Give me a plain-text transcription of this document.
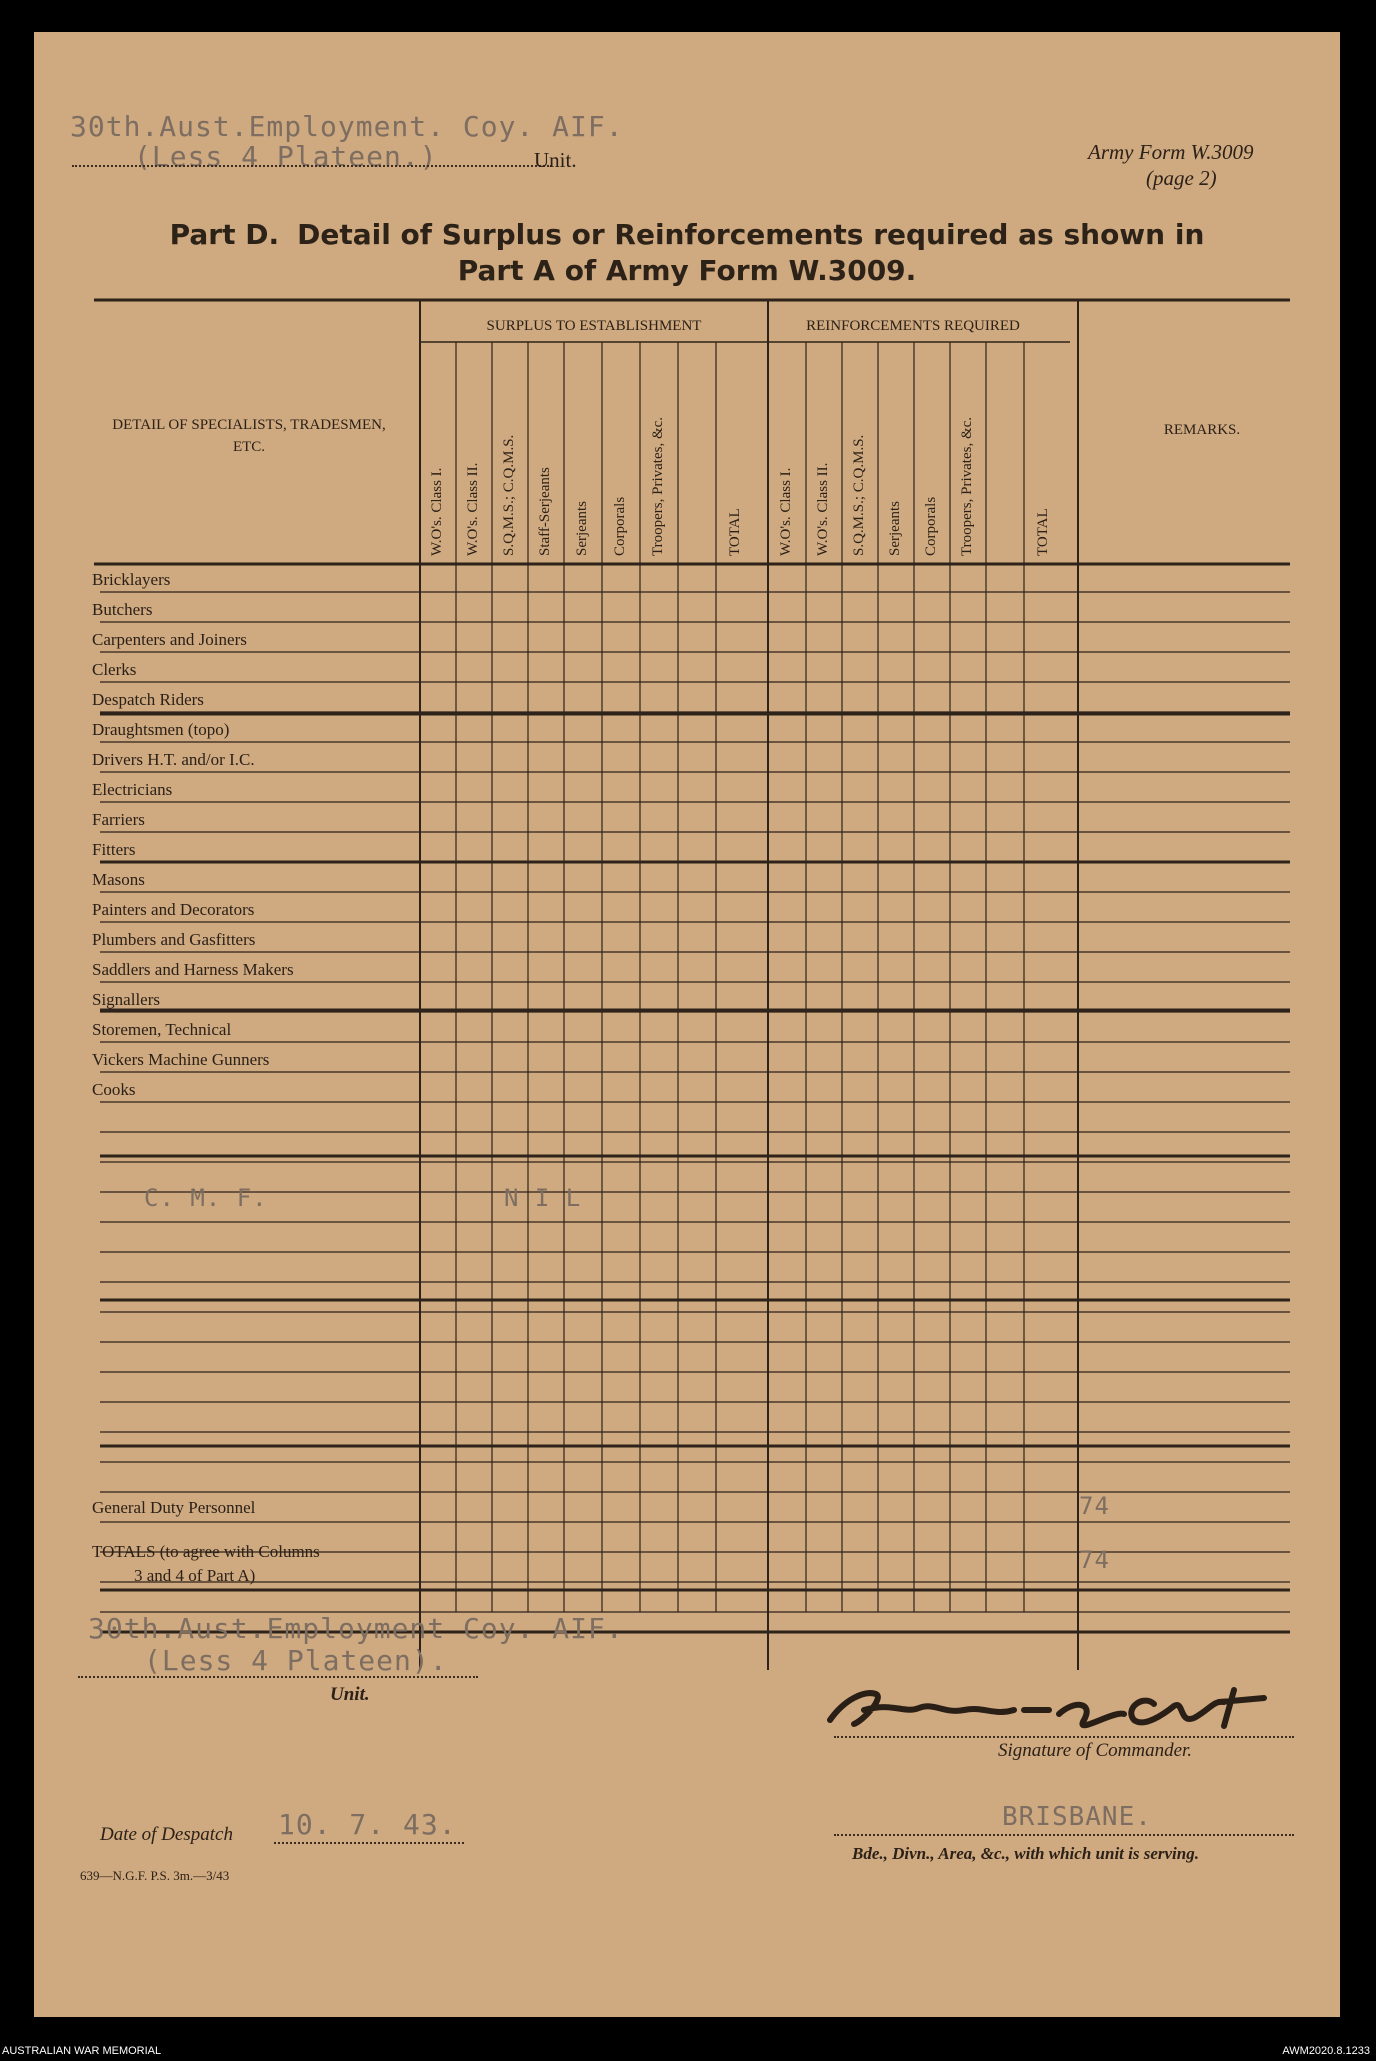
30th.Aust.Employment. Coy. AIF.
(Less 4 Plateen.)	Unit.	Army Form W.3009
(page 2)
Part D. Detail of Surplus or Reinforcements required as shown in
Part A of Army Form W.3009.
DETAIL OF SPECIALISTS, TRADESMEN, ETC.
SURPLUS TO ESTABLISHMENT	REINFORCEMENTS REQUIRED
REMARKS.
W.O's. Class I. W.O's. Class II. S.Q.M.S.; C.Q.M.S. Staff-Serjeants Serjeants Corporals Troopers, Privates, &c.	TOTAL W.O's. Class I. W.O's. Class II. S.Q.M.S.; C.Q.M.S. Serjeants Corporals Troopers, Privates, &c.	TOTAL
Bricklayers
Butchers
Carpenters and Joiners
Clerks
Despatch Riders
Draughtsmen (topo)
Drivers H.T. and/or I.C.
Electricians
Farriers
Fitters
Masons
Painters and Decorators
Plumbers and Gasfitters
Saddlers and Harness Makers
Signallers
Storemen, Technical
Vickers Machine Gunners
Cooks
C. M. F.	N I L
General Duty Personnel	74
TOTALS (to agree with Columns
3 and 4 of Part A)
74
30th.Aust.Employment Coy. AIF.
(Less 4 Plateen).
Unit.
Signature of Commander.
Date of Despatch 10. 7. 43.	BRISBANE.
Bde., Divn., Area, &c., with which unit is serving.
639—N.G.F. P.S. 3m.—3/43
AUSTRALIAN WAR MEMORIAL	AWM2020.8.1233
